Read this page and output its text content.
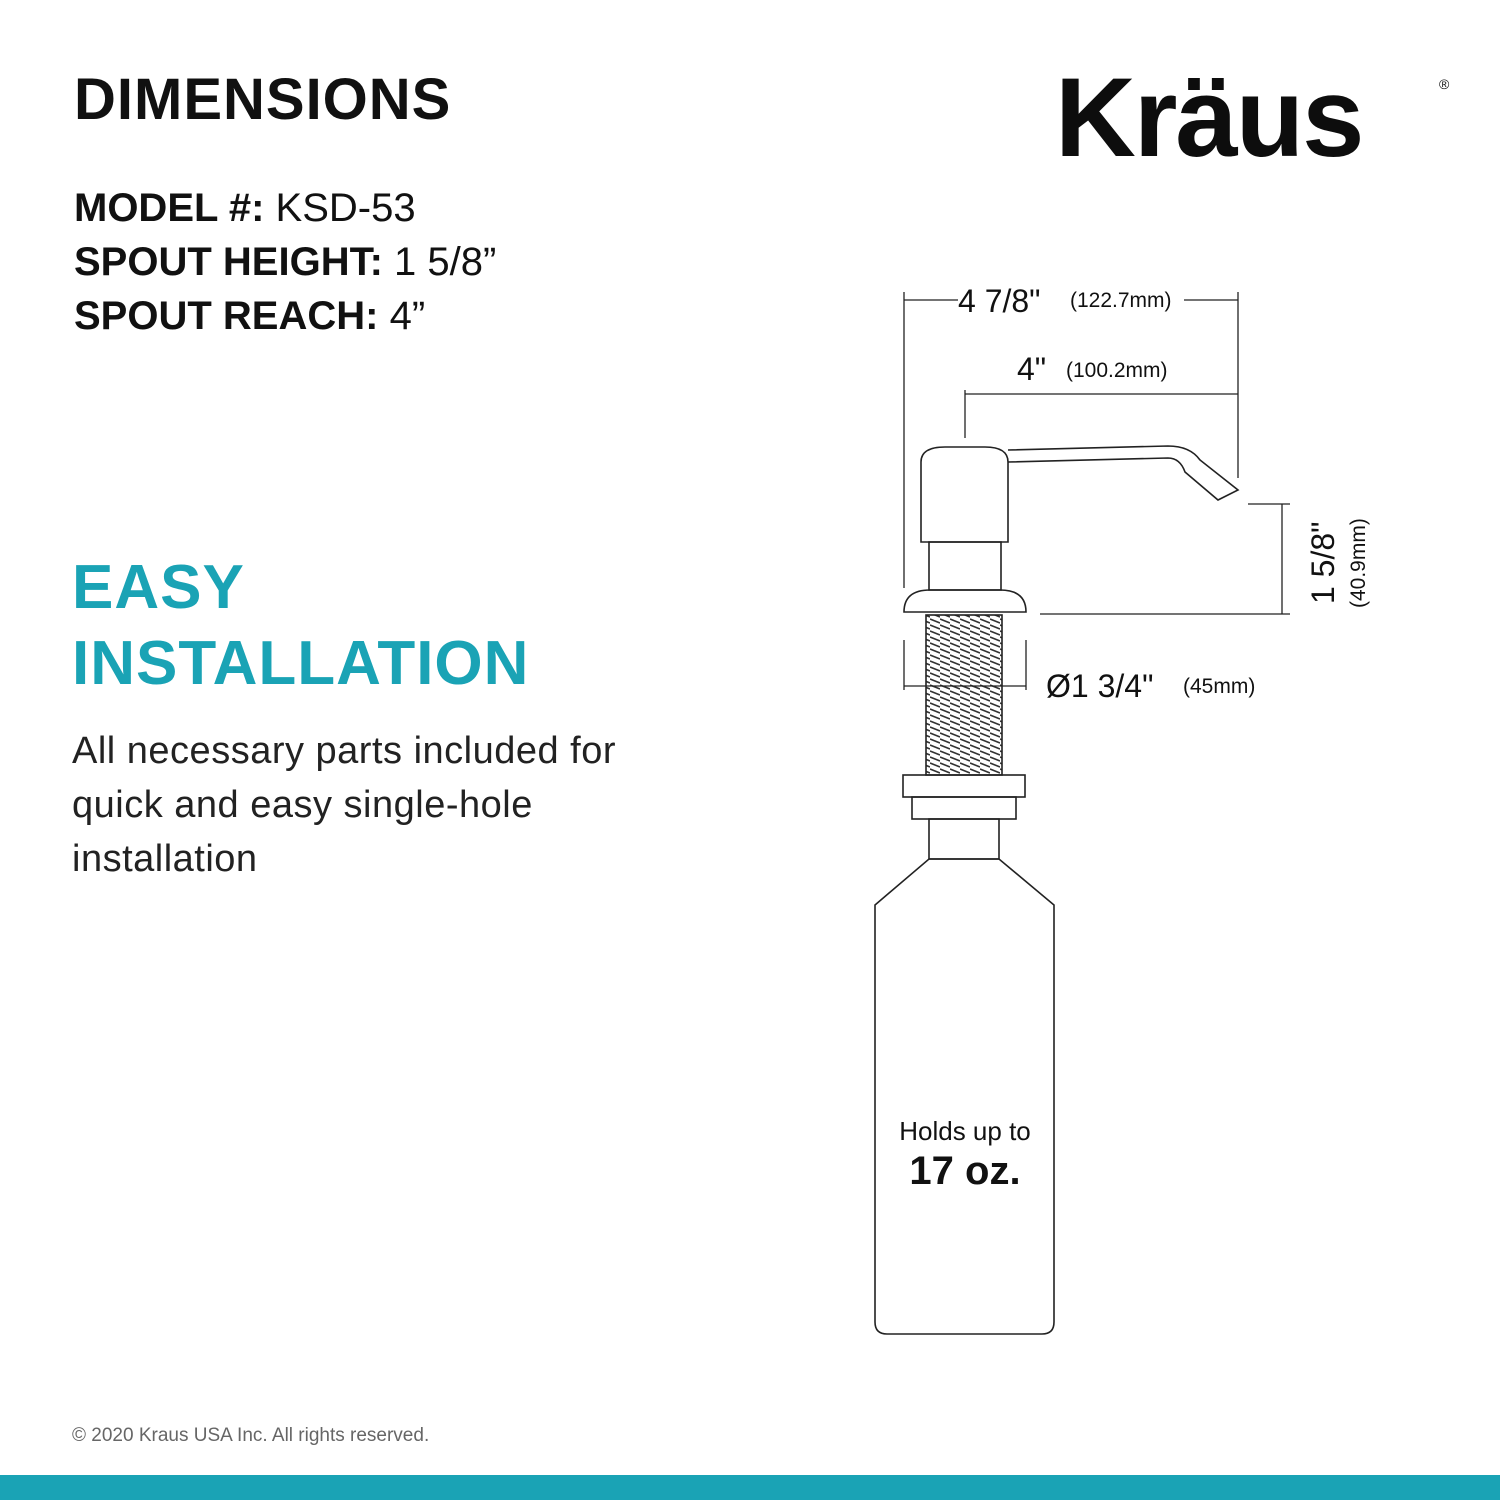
DIMENSIONS	Kräus	®
MODEL #: KSD-53
SPOUT HEIGHT: 1 5/8”
SPOUT REACH: 4”
EASY
INSTALLATION
All necessary parts included for quick and easy single-hole installation
4 7/8" (122.7mm)
4" (100.2mm)
1 5/8" (40.9mm)
Ø1 3/4" (45mm)
Holds up to
17 oz.
© 2020 Kraus USA Inc. All rights reserved.
